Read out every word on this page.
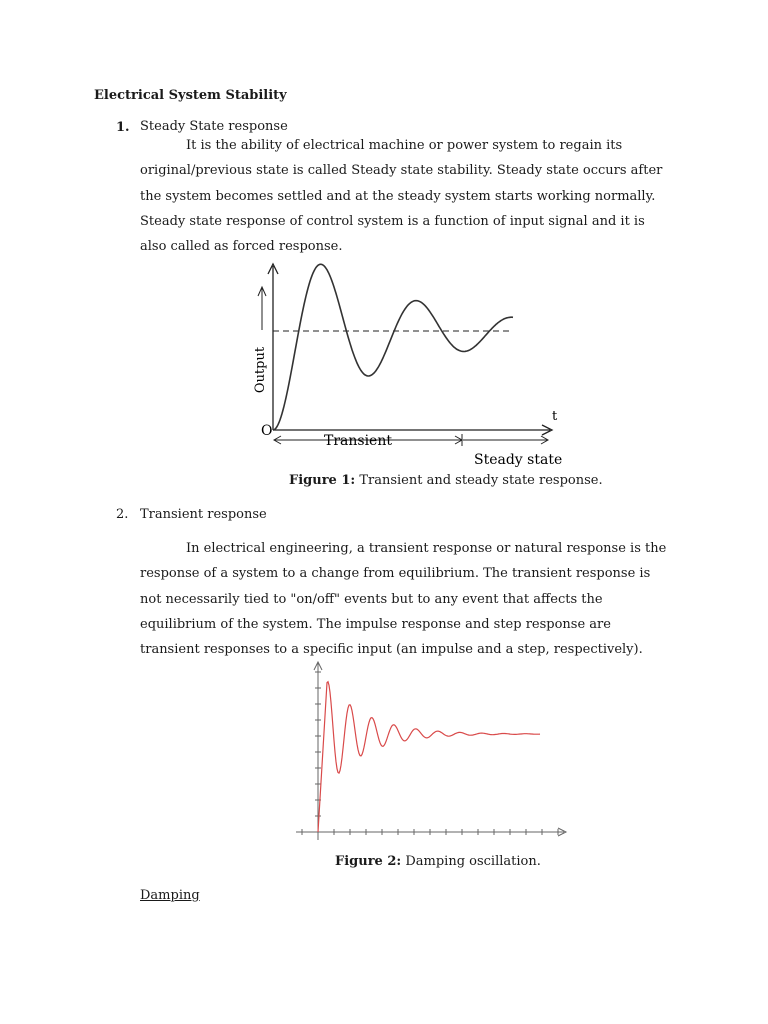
Electrical System Stability
1. Steady State response
It is the ability of electrical machine or power system to regain its original/previous state is called Steady state stability. Steady state occurs after the system becomes settled and at the steady system starts working normally. Steady state response of control system is a function of input signal and it is also called as forced response.
Output
t
O
Transient
Steady state
Figure 1: Transient and steady state response.
2. Transient response
In electrical engineering, a transient response or natural response is the response of a system to a change from equilibrium. The transient response is not necessarily tied to "on/off" events but to any event that affects the equilibrium of the system. The impulse response and step response are transient responses to a specific input (an impulse and a step, respectively).
Figure 2: Damping oscillation.
Damping
